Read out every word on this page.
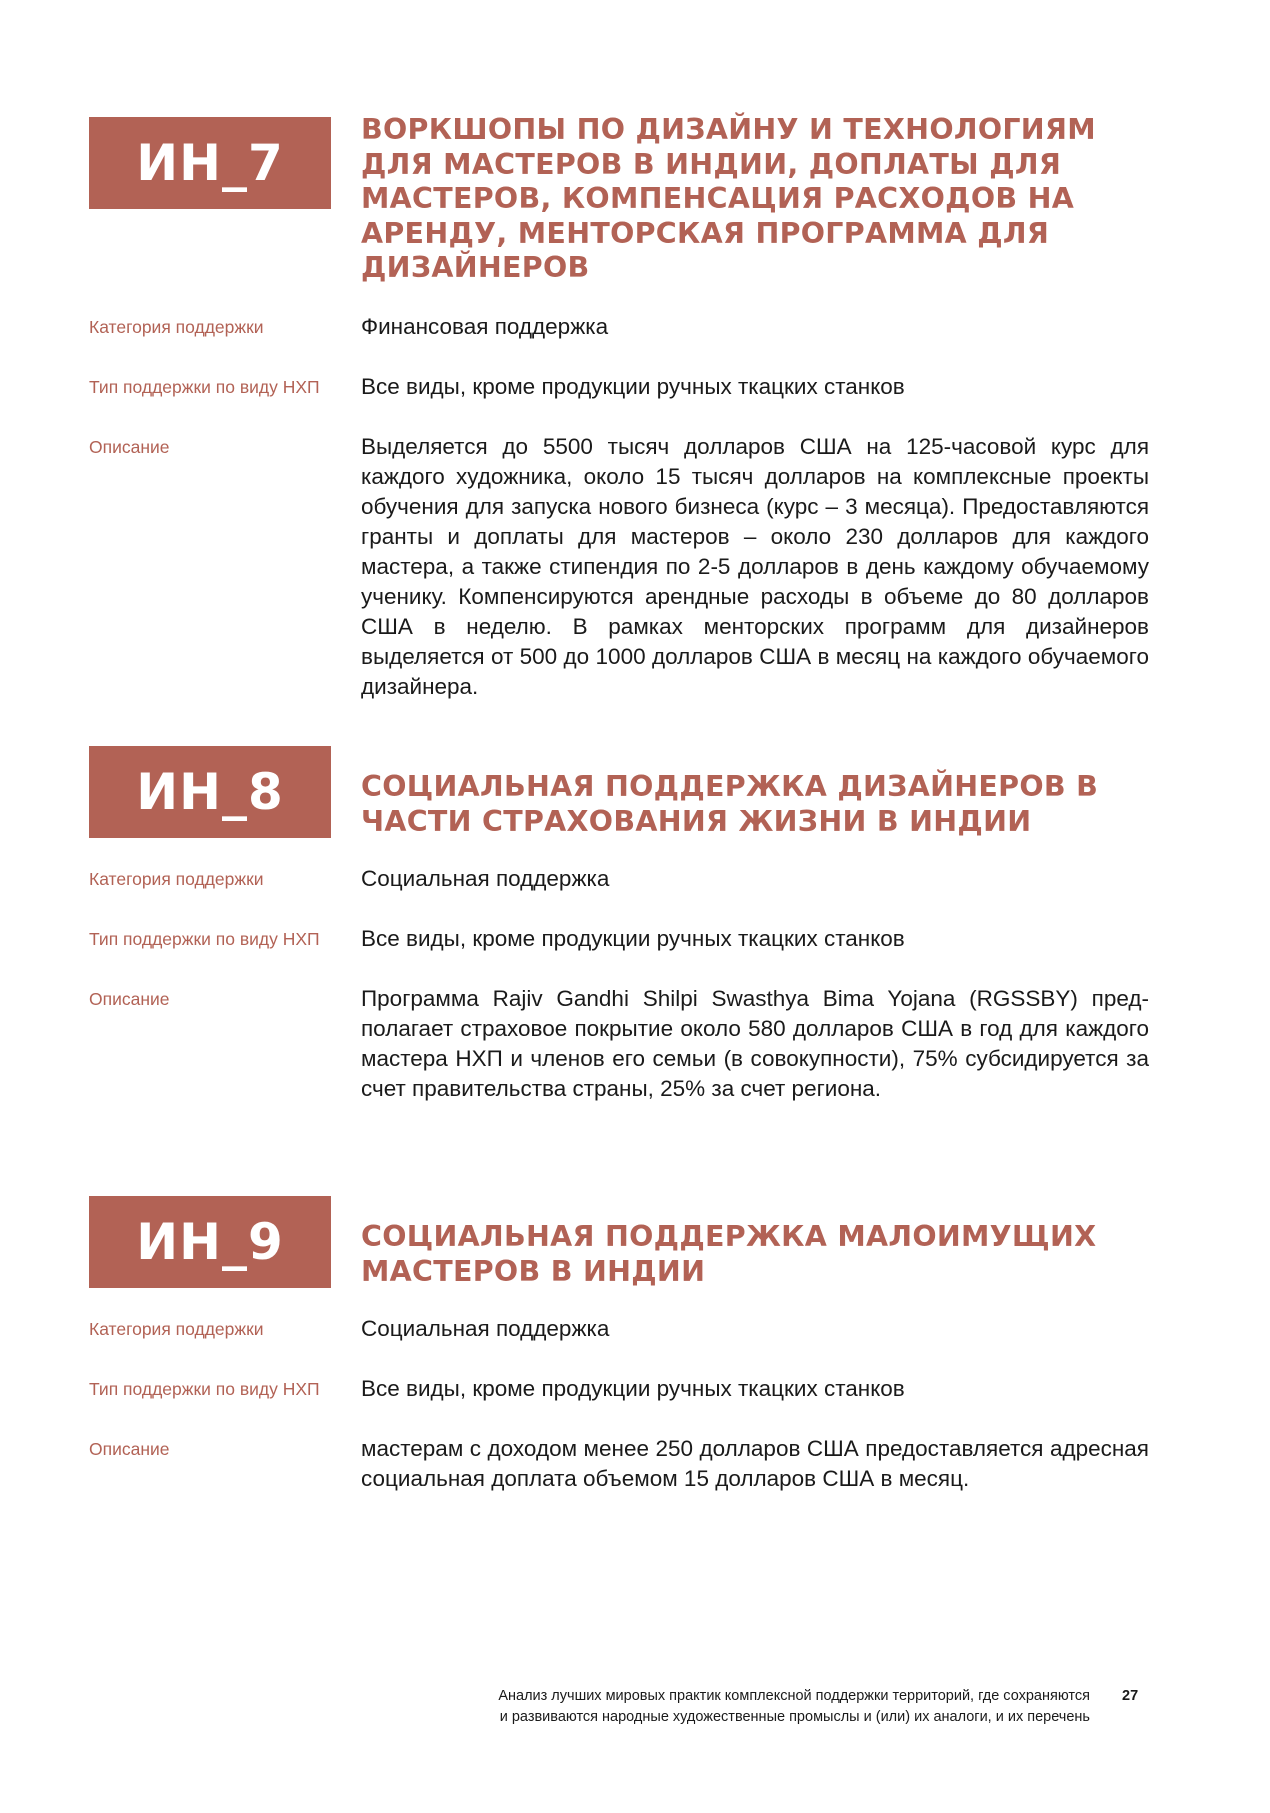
ИН_7
ВОРКШОПЫ ПО ДИЗАЙНУ И ТЕХНОЛОГИЯМ ДЛЯ МАСТЕРОВ В ИНДИИ, ДОПЛАТЫ ДЛЯ МАСТЕРОВ, КОМПЕНСАЦИЯ РАСХОДОВ НА АРЕНДУ, МЕНТОРСКАЯ ПРОГРАММА ДЛЯ ДИЗАЙНЕРОВ
Категория поддержки	Финансовая поддержка
Тип поддержки по виду НХП	Все виды, кроме продукции ручных ткацких станков
Описание	Выделяется до 5500 тысяч долларов США на 125-часовой курс для каждого художника, около 15 тысяч долларов на комплексные проекты обучения для запуска нового бизнеса (курс – 3 месяца). Предоставляются гранты и доплаты для мастеров – около 230 долларов для каждого мастера, а также стипендия по 2-5 долларов в день каждому обучаемому ученику. Компенсируются арендные расходы в объеме до 80 долларов США в неделю. В рамках менторских программ для дизайнеров выделяется от 500 до 1000 долларов США в месяц на каждого обучаемого дизайнера.
ИН_8	СОЦИАЛЬНАЯ ПОДДЕРЖКА ДИЗАЙНЕРОВ В ЧАСТИ СТРАХОВАНИЯ ЖИЗНИ В ИНДИИ
Категория поддержки	Социальная поддержка
Тип поддержки по виду НХП	Все виды, кроме продукции ручных ткацких станков
Описание	Программа Rajiv Gandhi Shilpi Swasthya Bima Yojana (RGSSBY) предполагает страховое покрытие около 580 долларов США в год для каждого мастера НХП и членов его семьи (в совокупности), 75% субсидируется за счет правительства страны, 25% за счет региона.
ИН_9	СОЦИАЛЬНАЯ ПОДДЕРЖКА МАЛОИМУЩИХ МАСТЕРОВ В ИНДИИ
Категория поддержки	Социальная поддержка
Тип поддержки по виду НХП	Все виды, кроме продукции ручных ткацких станков
Описание	мастерам с доходом менее 250 долларов США предоставляется адресная социальная доплата объемом 15 долларов США в месяц.
Анализ лучших мировых практик комплексной поддержки территорий, где сохраняются
и развиваются народные художественные промыслы и (или) их аналоги, и их перечень
27
